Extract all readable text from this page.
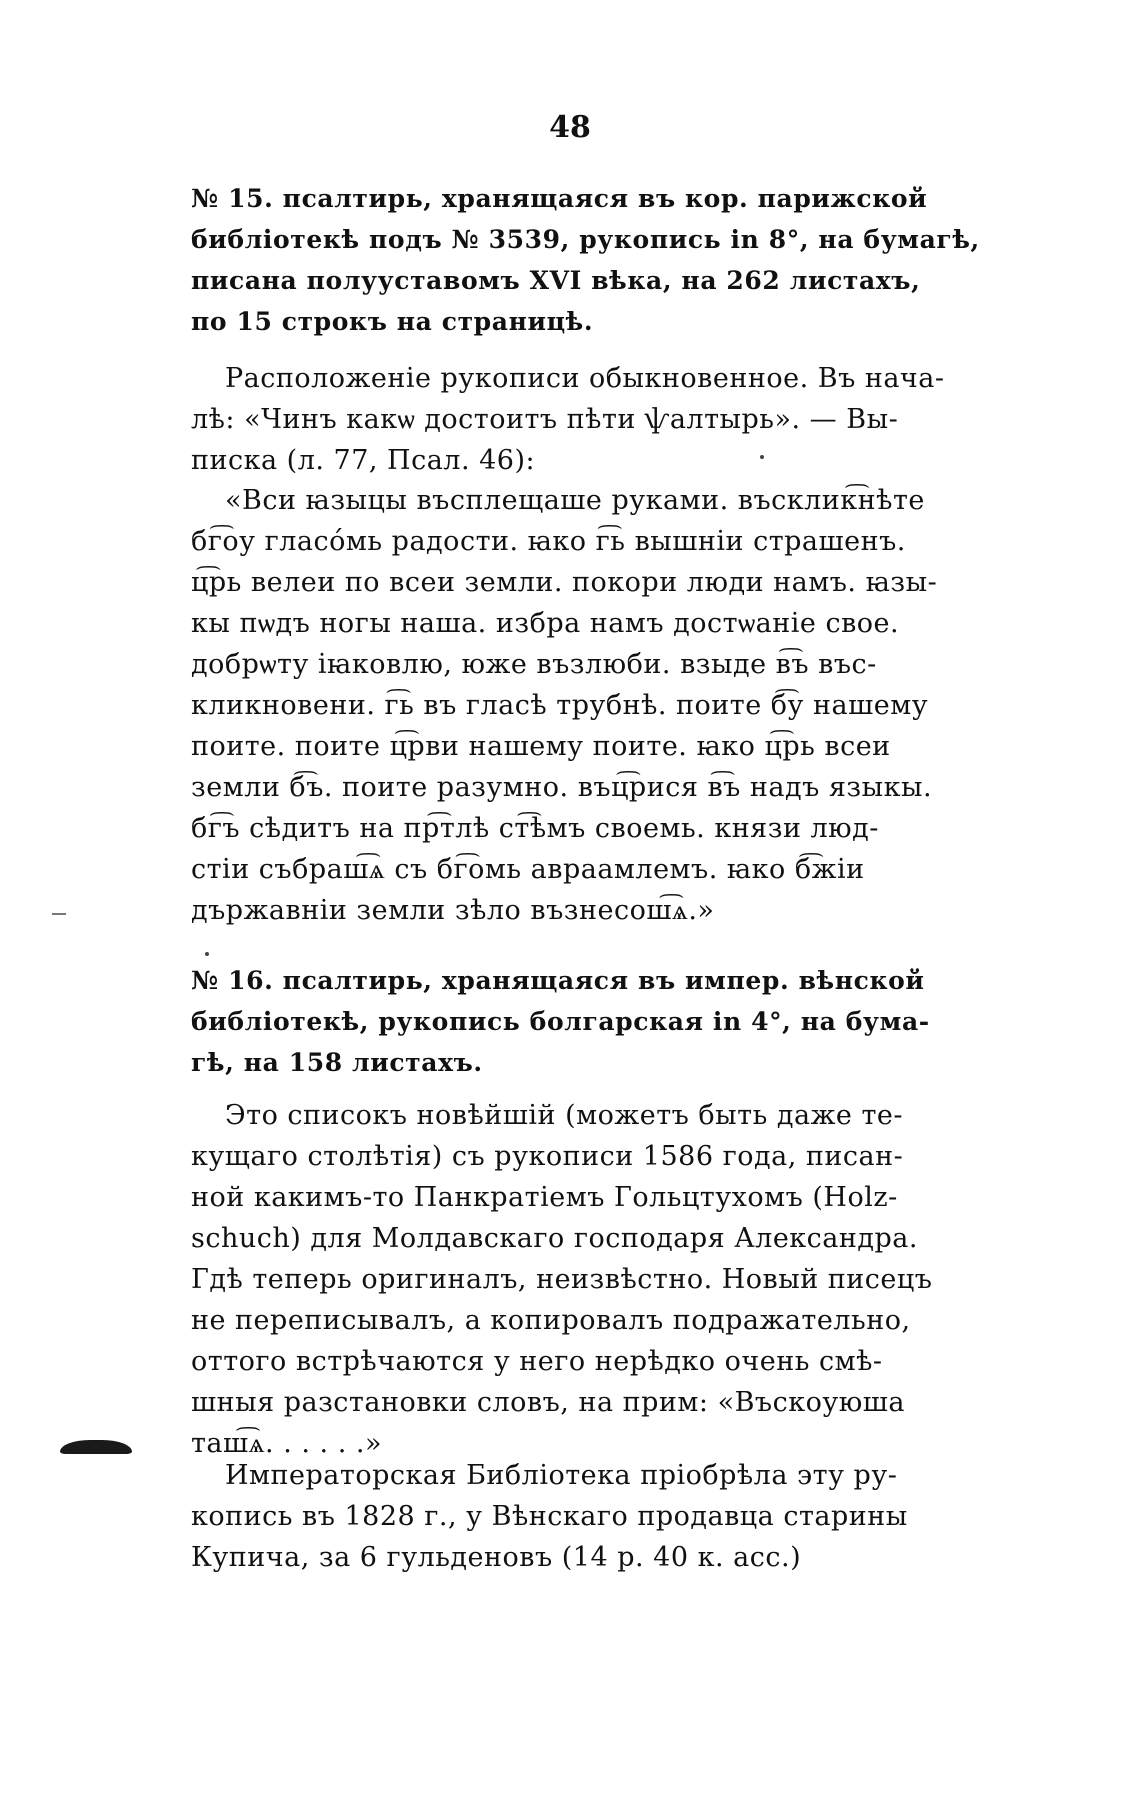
48
№ 15. псалтирь, хранящаяся въ кор. парижской
библіотекѣ подъ № 3539, рукопись in 8°, на бумагѣ,
писана полууставомъ XVI вѣка, на 262 листахъ,
по 15 строкъ на страницѣ.
Расположеніе рукописи обыкновенное. Въ нача-
лѣ: «Чинъ какѡ достоитъ пѣти ѱалтырь». — Вы-
писка (л. 77, Псал. 46):
«Вси ꙗзыцы въсплещаше руками. въсклик͡нѣте
бг͡оу гласо́мь радости. ꙗко г͡ь вышніи страшенъ.
ц͡рь велеи по всеи земли. покори люди намъ. ꙗзы-
кы пѡдъ ногы наша. избра намъ достѡаніе свое.
добрѡту іꙗковлю, юже възлюби. взыде в͡ъ въс-
кликновени. г͡ь въ гласѣ трубнѣ. поите б͡у нашему
поите. поите ц͡рви нашему поите. ꙗко ц͡рь всеи
земли б͡ъ. поите разумно. въц͡рися в͡ъ надъ языкы.
бг͡ъ сѣдитъ на пр͡тлѣ ст͡ѣмъ своемь. князи люд-
стіи събраш͡ѧ съ бг͡омь авраамлемъ. ꙗко б͡жіи
държавніи земли зѣло възнесош͡ѧ.»
№ 16. псалтирь, хранящаяся въ импер. вѣнской
библіотекѣ, рукопись болгарская in 4°, на бума-
гѣ, на 158 листахъ.
Это списокъ новѣйшій (можетъ быть даже те-
кущаго столѣтія) съ рукописи 1586 года, писан-
ной какимъ-то Панкратіемъ Гольцтухомъ (Holz-
schuch) для Молдавскаго господаря Александра.
Гдѣ теперь оригиналъ, неизвѣстно. Новый писецъ
не переписывалъ, а копировалъ подражательно,
оттого встрѣчаются у него нерѣдко очень смѣ-
шныя разстановки словъ, на прим: «Въскоуюша
таш͡ѧ. . . . . .»
Императорская Библіотека пріобрѣла эту ру-
копись въ 1828 г., у Вѣнскаго продавца старины
Купича, за 6 гульденовъ (14 р. 40 к. асс.)
